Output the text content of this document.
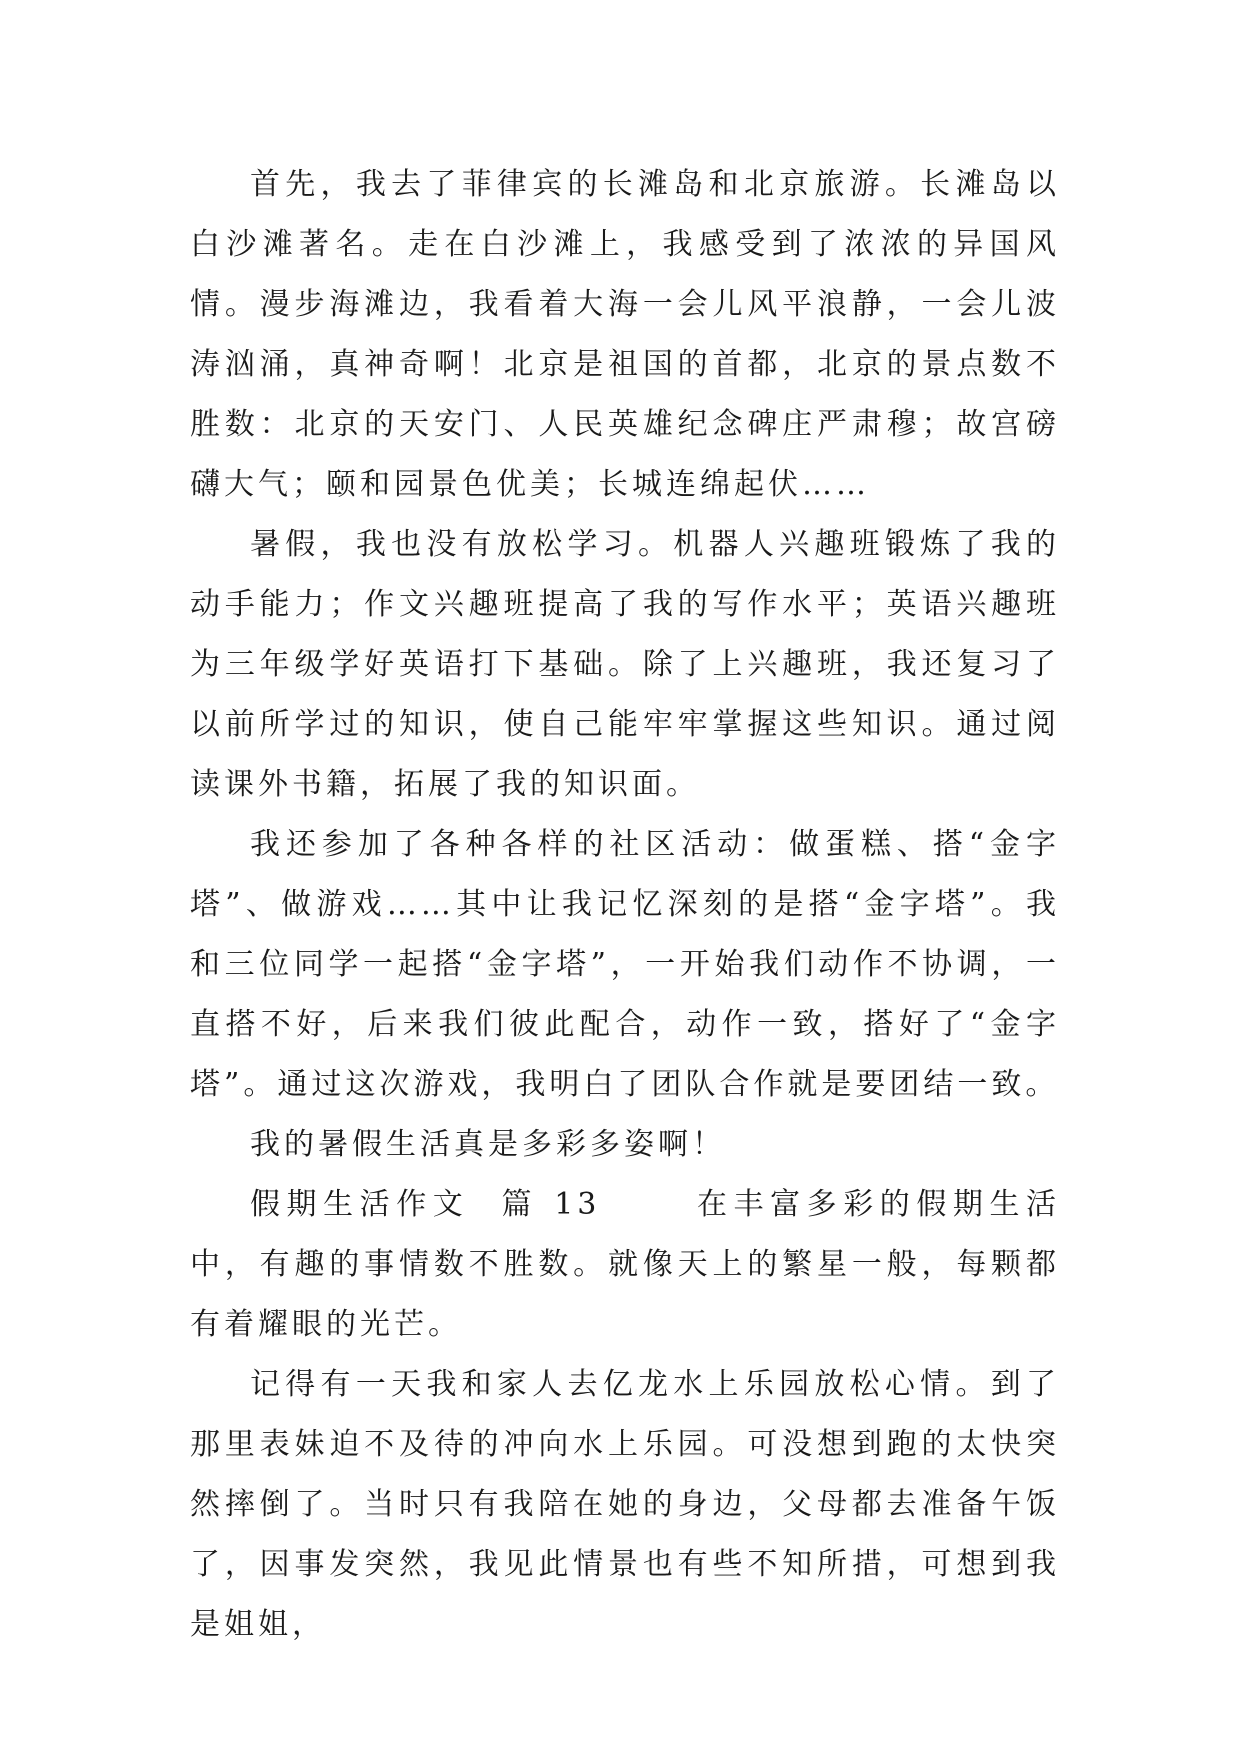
首先，我去了菲律宾的长滩岛和北京旅游。长滩岛以白沙滩著名。走在白沙滩上，我感受到了浓浓的异国风情。漫步海滩边，我看着大海一会儿风平浪静，一会儿波涛汹涌，真神奇啊！北京是祖国的首都，北京的景点数不胜数：北京的天安门、人民英雄纪念碑庄严肃穆；故宫磅礴大气；颐和园景色优美；长城连绵起伏……

暑假，我也没有放松学习。机器人兴趣班锻炼了我的动手能力；作文兴趣班提高了我的写作水平；英语兴趣班为三年级学好英语打下基础。除了上兴趣班，我还复习了以前所学过的知识，使自己能牢牢掌握这些知识。通过阅读课外书籍，拓展了我的知识面。

我还参加了各种各样的社区活动：做蛋糕、搭“金字塔”、做游戏……其中让我记忆深刻的是搭“金字塔”。我和三位同学一起搭“金字塔”，一开始我们动作不协调，一直搭不好，后来我们彼此配合，动作一致，搭好了“金字塔”。通过这次游戏，我明白了团队合作就是要团结一致。

我的暑假生活真是多彩多姿啊！

假期生活作文  篇 13	在丰富多彩的假期生活中，有趣的事情数不胜数。就像天上的繁星一般，每颗都有着耀眼的光芒。

记得有一天我和家人去亿龙水上乐园放松心情。到了那里表妹迫不及待的冲向水上乐园。可没想到跑的太快突然摔倒了。当时只有我陪在她的身边，父母都去准备午饭了，因事发突然，我见此情景也有些不知所措，可想到我是姐姐，
